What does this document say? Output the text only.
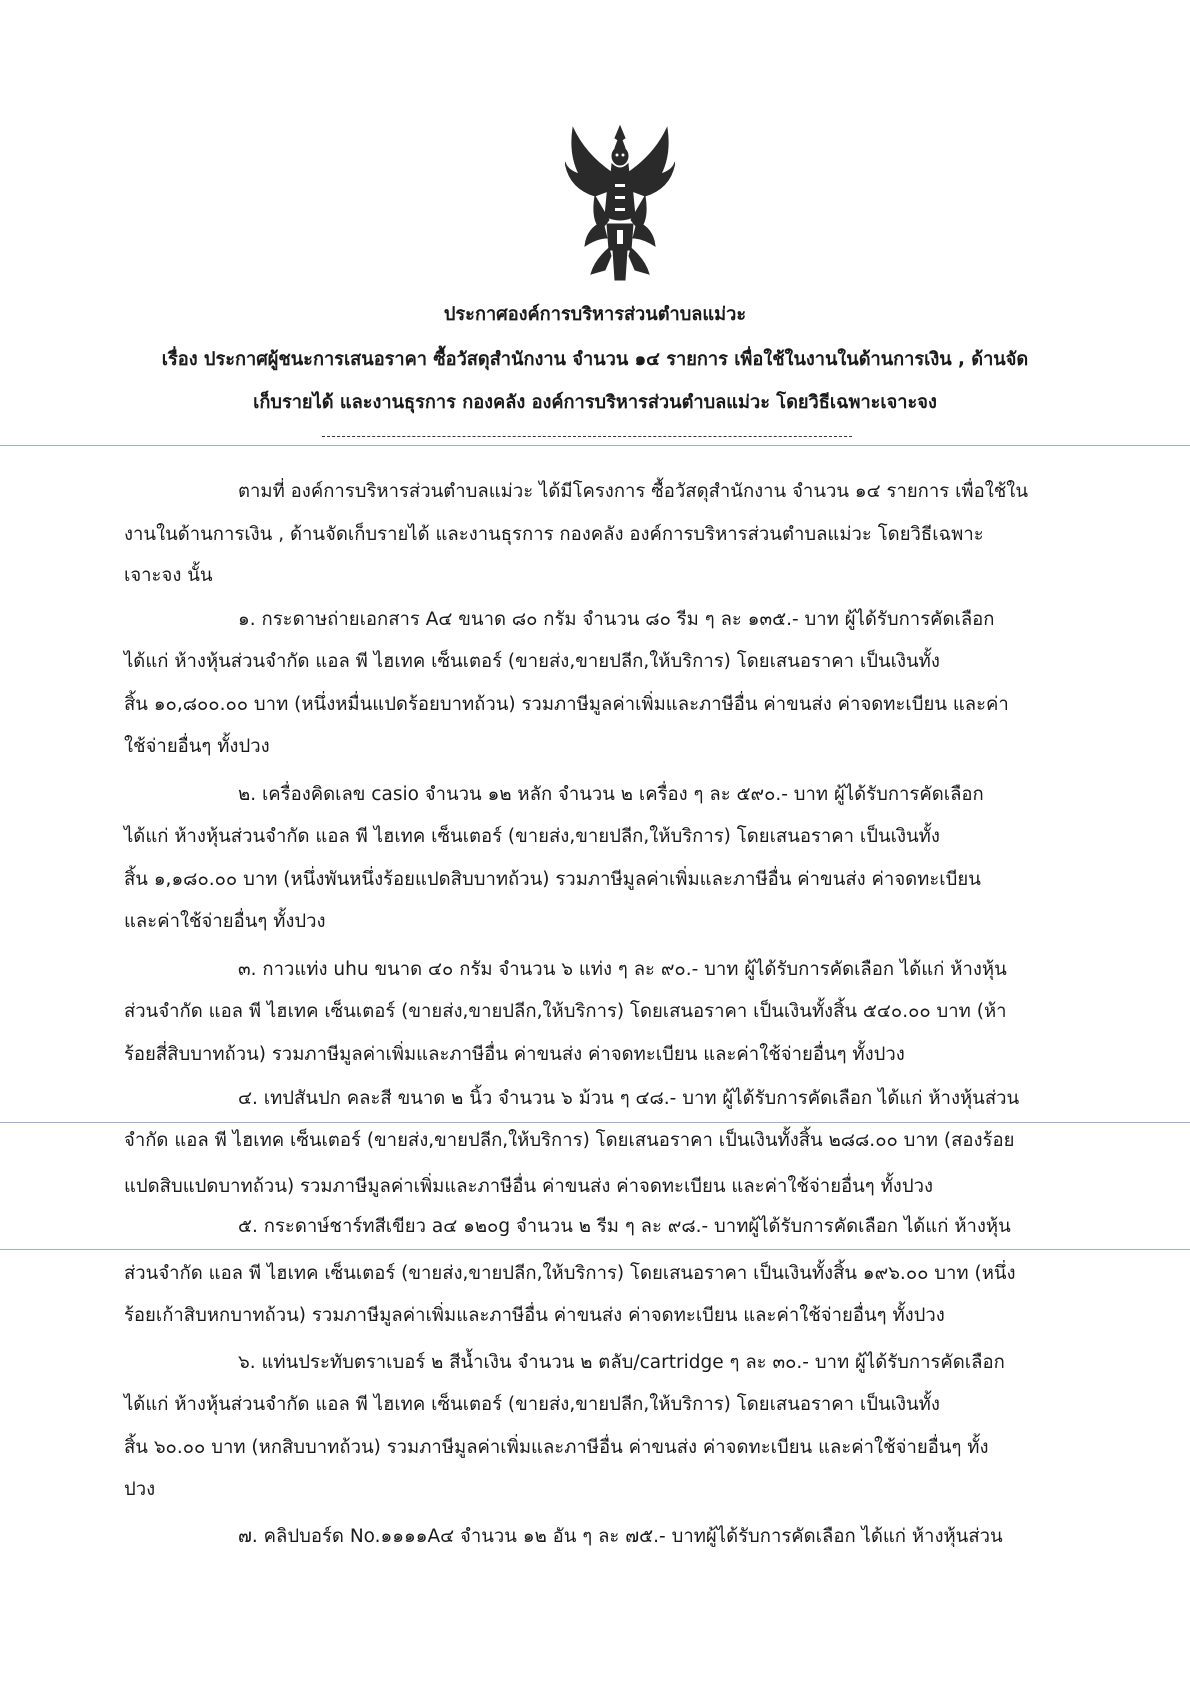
ประกาศองค์การบริหารส่วนตำบลแม่วะ
เรื่อง ประกาศผู้ชนะการเสนอราคา ซื้อวัสดุสำนักงาน จำนวน ๑๔ รายการ เพื่อใช้ในงานในด้านการเงิน , ด้านจัด
เก็บรายได้ และงานธุรการ กองคลัง องค์การบริหารส่วนตำบลแม่วะ โดยวิธีเฉพาะเจาะจง
ตามที่ องค์การบริหารส่วนตำบลแม่วะ ได้มีโครงการ ซื้อวัสดุสำนักงาน จำนวน ๑๔ รายการ เพื่อใช้ใน
งานในด้านการเงิน , ด้านจัดเก็บรายได้ และงานธุรการ กองคลัง องค์การบริหารส่วนตำบลแม่วะ โดยวิธีเฉพาะ
เจาะจง นั้น
๑. กระดาษถ่ายเอกสาร A๔ ขนาด ๘๐ กรัม จำนวน ๘๐ รีม ๆ ละ ๑๓๕.- บาท ผู้ได้รับการคัดเลือก
ได้แก่ ห้างหุ้นส่วนจำกัด แอล พี ไฮเทค เซ็นเตอร์ (ขายส่ง,ขายปลีก,ให้บริการ) โดยเสนอราคา เป็นเงินทั้ง
สิ้น ๑๐,๘๐๐.๐๐ บาท (หนึ่งหมื่นแปดร้อยบาทถ้วน) รวมภาษีมูลค่าเพิ่มและภาษีอื่น ค่าขนส่ง ค่าจดทะเบียน และค่า
ใช้จ่ายอื่นๆ ทั้งปวง
๒. เครื่องคิดเลข casio จำนวน ๑๒ หลัก จำนวน ๒ เครื่อง ๆ ละ ๕๙๐.- บาท ผู้ได้รับการคัดเลือก
ได้แก่ ห้างหุ้นส่วนจำกัด แอล พี ไฮเทค เซ็นเตอร์ (ขายส่ง,ขายปลีก,ให้บริการ) โดยเสนอราคา เป็นเงินทั้ง
สิ้น ๑,๑๘๐.๐๐ บาท (หนึ่งพันหนึ่งร้อยแปดสิบบาทถ้วน) รวมภาษีมูลค่าเพิ่มและภาษีอื่น ค่าขนส่ง ค่าจดทะเบียน
และค่าใช้จ่ายอื่นๆ ทั้งปวง
๓. กาวแท่ง uhu ขนาด ๔๐ กรัม จำนวน ๖ แท่ง ๆ ละ ๙๐.- บาท ผู้ได้รับการคัดเลือก ได้แก่ ห้างหุ้น
ส่วนจำกัด แอล พี ไฮเทค เซ็นเตอร์ (ขายส่ง,ขายปลีก,ให้บริการ) โดยเสนอราคา เป็นเงินทั้งสิ้น ๕๔๐.๐๐ บาท (ห้า
ร้อยสี่สิบบาทถ้วน) รวมภาษีมูลค่าเพิ่มและภาษีอื่น ค่าขนส่ง ค่าจดทะเบียน และค่าใช้จ่ายอื่นๆ ทั้งปวง
๔. เทปสันปก คละสี ขนาด ๒ นิ้ว จำนวน ๖ ม้วน ๆ ๔๘.- บาท ผู้ได้รับการคัดเลือก ได้แก่ ห้างหุ้นส่วน
จำกัด แอล พี ไฮเทค เซ็นเตอร์ (ขายส่ง,ขายปลีก,ให้บริการ) โดยเสนอราคา เป็นเงินทั้งสิ้น ๒๘๘.๐๐ บาท (สองร้อย
แปดสิบแปดบาทถ้วน) รวมภาษีมูลค่าเพิ่มและภาษีอื่น ค่าขนส่ง ค่าจดทะเบียน และค่าใช้จ่ายอื่นๆ ทั้งปวง
๕. กระดาษ์ชาร์ทสีเขียว a๔ ๑๒๐g จำนวน ๒ รีม ๆ ละ ๙๘.- บาทผู้ได้รับการคัดเลือก ได้แก่ ห้างหุ้น
ส่วนจำกัด แอล พี ไฮเทค เซ็นเตอร์ (ขายส่ง,ขายปลีก,ให้บริการ) โดยเสนอราคา เป็นเงินทั้งสิ้น ๑๙๖.๐๐ บาท (หนึ่ง
ร้อยเก้าสิบหกบาทถ้วน) รวมภาษีมูลค่าเพิ่มและภาษีอื่น ค่าขนส่ง ค่าจดทะเบียน และค่าใช้จ่ายอื่นๆ ทั้งปวง
๖. แท่นประทับตราเบอร์ ๒ สีน้ำเงิน จำนวน ๒ ตลับ/cartridge ๆ ละ ๓๐.- บาท ผู้ได้รับการคัดเลือก
ได้แก่ ห้างหุ้นส่วนจำกัด แอล พี ไฮเทค เซ็นเตอร์ (ขายส่ง,ขายปลีก,ให้บริการ) โดยเสนอราคา เป็นเงินทั้ง
สิ้น ๖๐.๐๐ บาท (หกสิบบาทถ้วน) รวมภาษีมูลค่าเพิ่มและภาษีอื่น ค่าขนส่ง ค่าจดทะเบียน และค่าใช้จ่ายอื่นๆ ทั้ง
ปวง
๗. คลิปบอร์ด No.๑๑๑๑A๔ จำนวน ๑๒ อัน ๆ ละ ๗๕.- บาทผู้ได้รับการคัดเลือก ได้แก่ ห้างหุ้นส่วน
